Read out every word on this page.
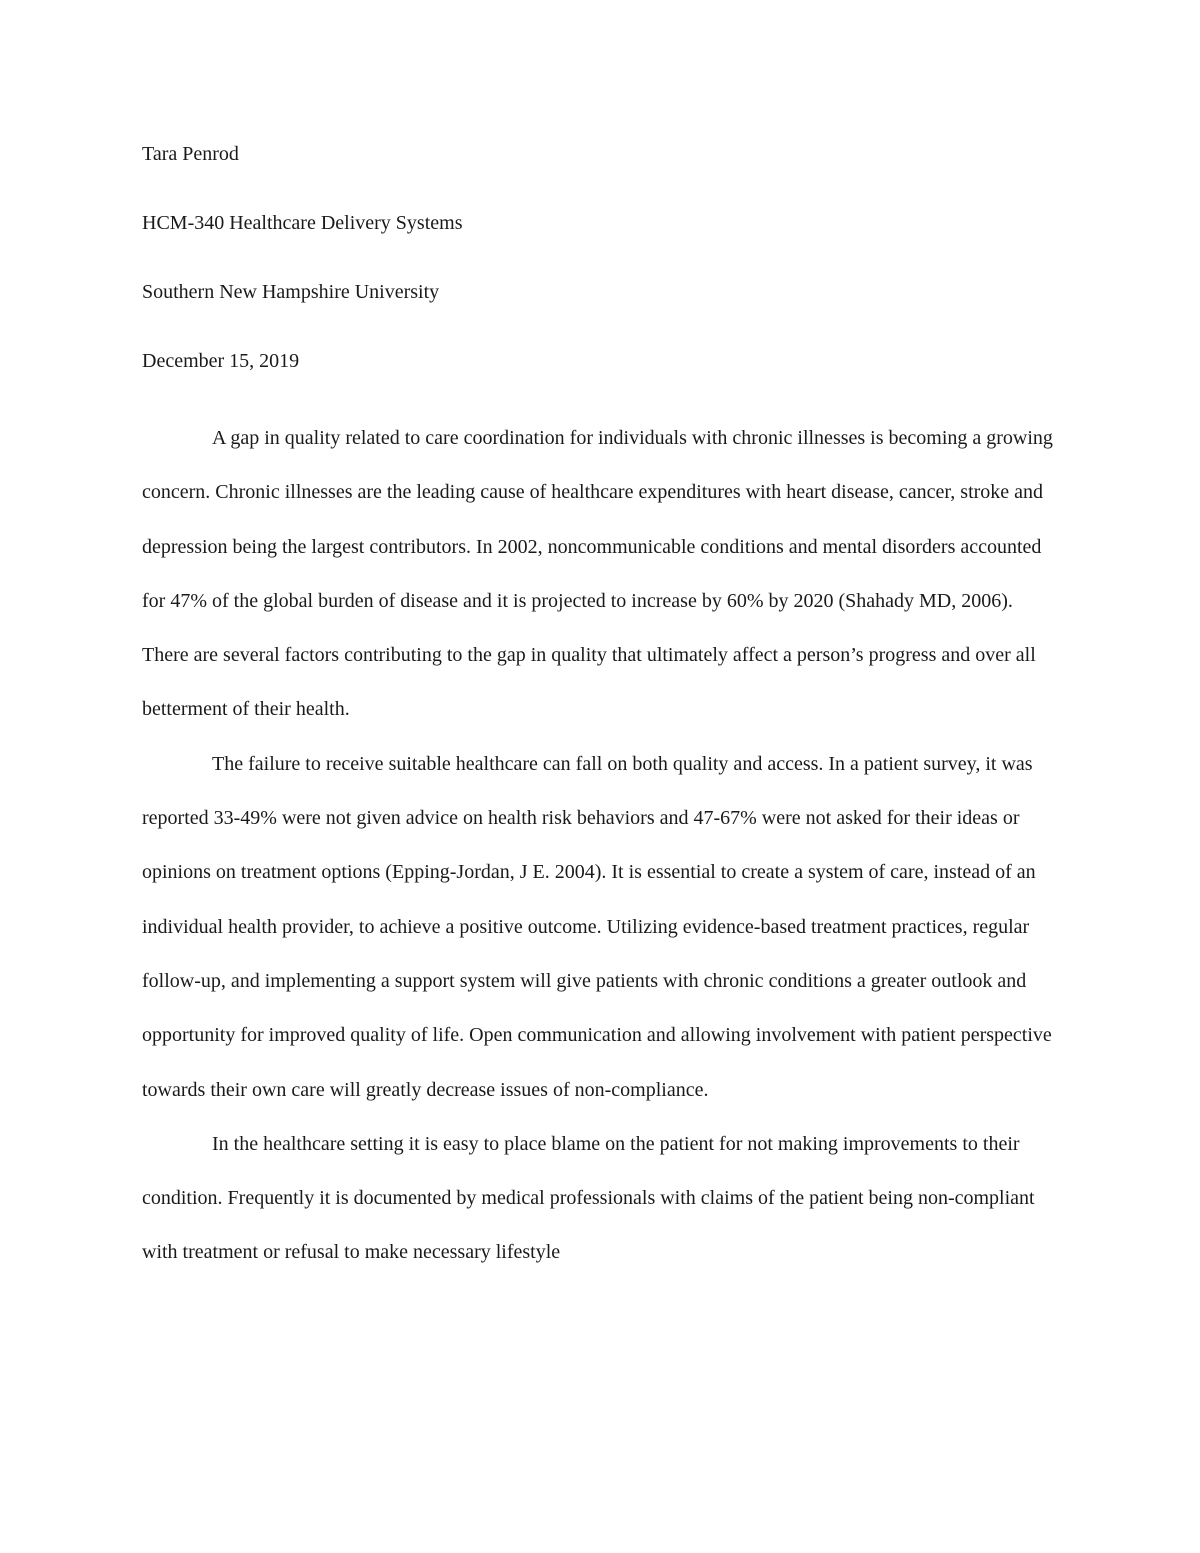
Tara Penrod
HCM-340 Healthcare Delivery Systems
Southern New Hampshire University
December 15, 2019

A gap in quality related to care coordination for individuals with chronic illnesses is becoming a growing concern. Chronic illnesses are the leading cause of healthcare expenditures with heart disease, cancer, stroke and depression being the largest contributors. In 2002, noncommunicable conditions and mental disorders accounted for 47% of the global burden of disease and it is projected to increase by 60% by 2020 (Shahady MD, 2006). There are several factors contributing to the gap in quality that ultimately affect a person’s progress and over all betterment of their health.

The failure to receive suitable healthcare can fall on both quality and access. In a patient survey, it was reported 33-49% were not given advice on health risk behaviors and 47-67% were not asked for their ideas or opinions on treatment options (Epping-Jordan, J E. 2004). It is essential to create a system of care, instead of an individual health provider, to achieve a positive outcome. Utilizing evidence-based treatment practices, regular follow-up, and implementing a support system will give patients with chronic conditions a greater outlook and opportunity for improved quality of life. Open communication and allowing involvement with patient perspective towards their own care will greatly decrease issues of non-compliance.

In the healthcare setting it is easy to place blame on the patient for not making improvements to their condition. Frequently it is documented by medical professionals with claims of the patient being non-compliant with treatment or refusal to make necessary lifestyle
